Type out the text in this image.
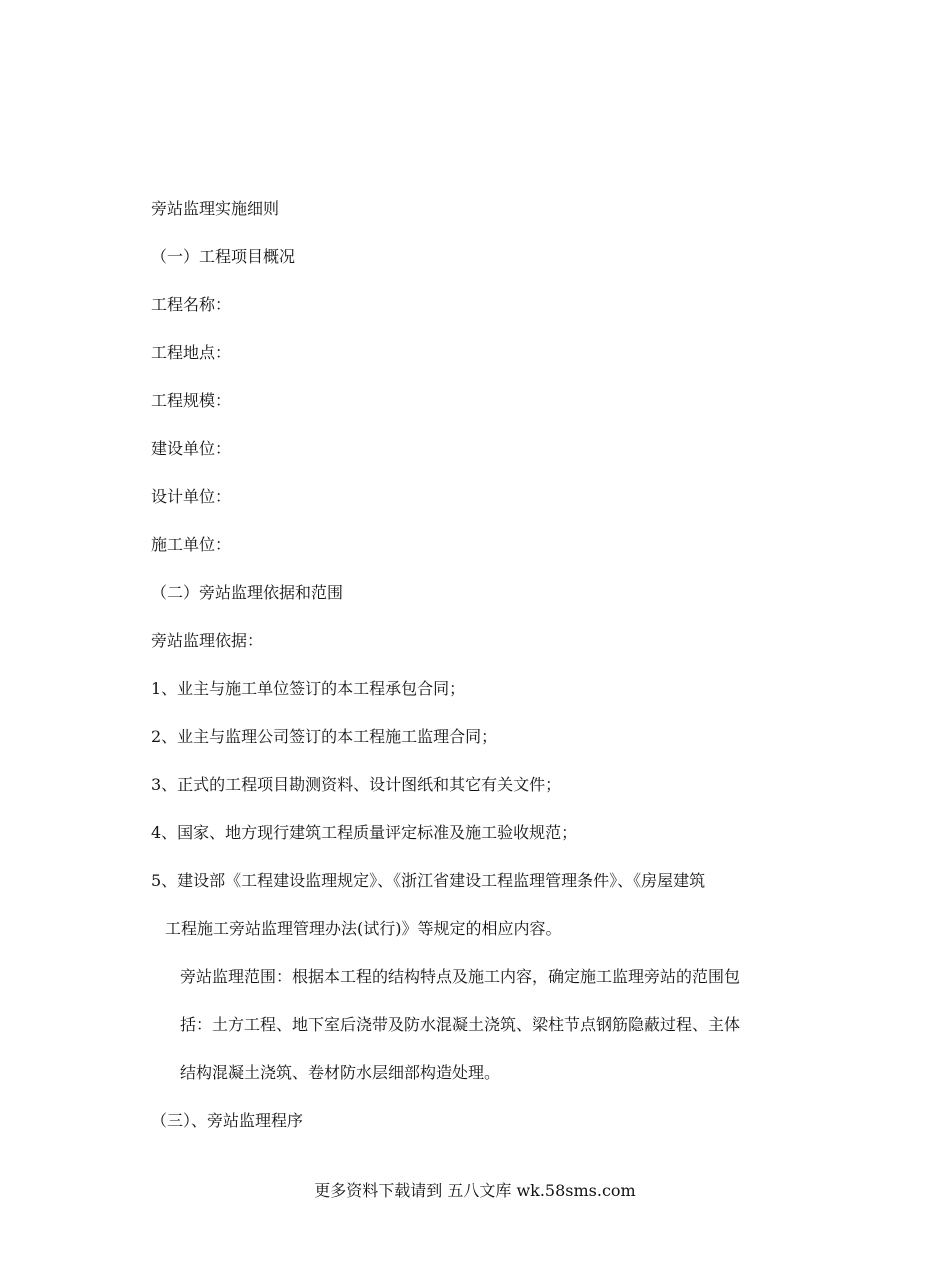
旁站监理实施细则
（一）工程项目概况
工程名称：
工程地点：
工程规模：
建设单位：
设计单位：
施工单位：
（二）旁站监理依据和范围
旁站监理依据：
1、业主与施工单位签订的本工程承包合同；
2、业主与监理公司签订的本工程施工监理合同；
3、正式的工程项目勘测资料、设计图纸和其它有关文件；
4、国家、地方现行建筑工程质量评定标准及施工验收规范；
5、建设部《工程建设监理规定》、《浙江省建设工程监理管理条件》、《房屋建筑
工程施工旁站监理管理办法(试行)》等规定的相应内容。
旁站监理范围：根据本工程的结构特点及施工内容，确定施工监理旁站的范围包
括：土方工程、地下室后浇带及防水混凝土浇筑、梁柱节点钢筋隐蔽过程、主体
结构混凝土浇筑、卷材防水层细部构造处理。
（三）、旁站监理程序
更多资料下载请到 五八文库 wk.58sms.com
